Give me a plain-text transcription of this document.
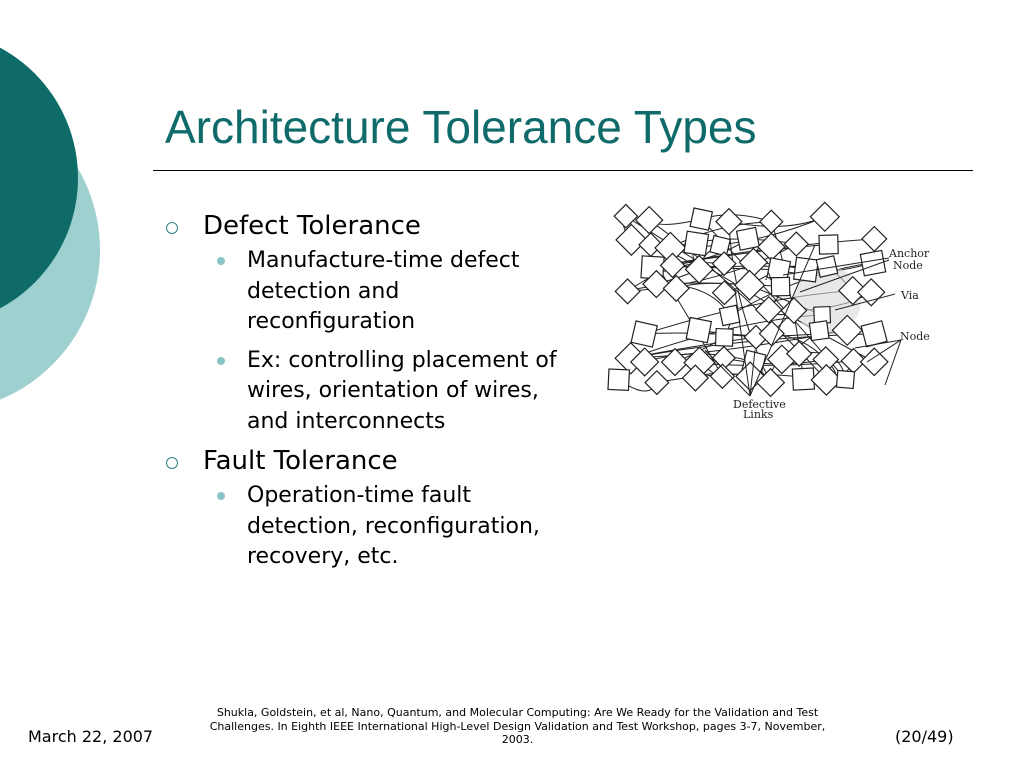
Architecture Tolerance Types
Defect Tolerance
Manufacture-time defect detection and reconfiguration
Ex: controlling placement of wires, orientation of wires, and interconnects
Fault Tolerance
Operation-time fault detection, reconfiguration, recovery, etc.
Anchor
Node
A
Via
Node
Defective
Links
March 22, 2007
Shukla, Goldstein, et al, Nano, Quantum, and Molecular Computing: Are We Ready for the Validation and Test Challenges. In Eighth IEEE International High-Level Design Validation and Test Workshop, pages 3-7, November, 2003.	(20/49)
